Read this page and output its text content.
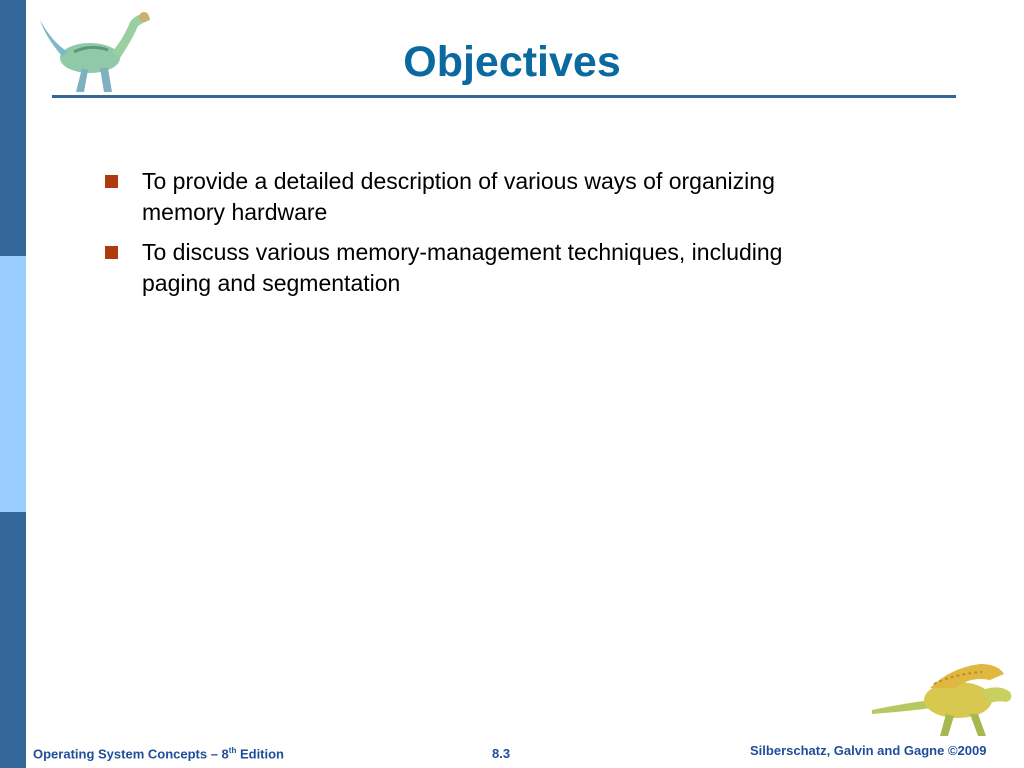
Objectives
To provide a detailed description of various ways of organizing memory hardware
To discuss various memory-management techniques, including paging and segmentation
Operating System Concepts – 8th Edition	8.3	Silberschatz, Galvin and Gagne ©2009
